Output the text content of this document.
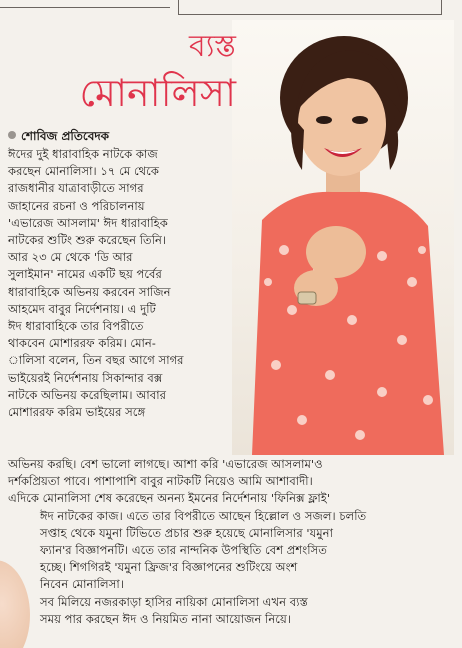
ব্যস্ত
মোনালিসা
শোবিজ প্রতিবেদক
ঈদের দুই ধারাবাহিক নাটকে কাজ
করছেন মোনালিসা। ১৭ মে থেকে
রাজধানীর যাত্রাবাড়ীতে সাগর
জাহানের রচনা ও পরিচালনায়
'এভারেজ আসলাম' ঈদ ধারাবাহিক
নাটকের শুটিং শুরু করেছেন তিনি।
আর ২৩ মে থেকে 'ডি আর
সুলাইমান' নামের একটি ছয় পর্বের
ধারাবাহিকে অভিনয় করবেন সাজিন
আহমেদ বাবুর নির্দেশনায়। এ দুটি
ঈদ ধারাবাহিকে তার বিপরীতে
থাকবেন মোশাররফ করিম। মোন-
ালিসা বলেন, তিন বছর আগে সাগর
ভাইয়েরই নির্দেশনায় সিকান্দার বক্স
নাটকে অভিনয় করেছিলাম। আবার
মোশাররফ করিম ভাইয়ের সঙ্গে
অভিনয় করছি। বেশ ভালো লাগছে। আশা করি 'এভারেজ আসলাম'ও
দর্শকপ্রিয়তা পাবে। পাশাপাশি বাবুর নাটকটি নিয়েও আমি আশাবাদী।
এদিকে মোনালিসা শেষ করেছেন অনন্য ইমনের নির্দেশনায় 'ফিনিক্স ফ্লাই'
ঈদ নাটকের কাজ। এতে তার বিপরীতে আছেন হিল্লোল ও সজল। চলতি
সপ্তাহ থেকে যমুনা টিভিতে প্রচার শুরু হয়েছে মোনালিসার 'যমুনা
ফ্যান'র বিজ্ঞাপনটি। এতে তার নান্দনিক উপস্থিতি বেশ প্রশংসিত
হচ্ছে। শিগগিরই 'যমুনা ফ্রিজ'র বিজ্ঞাপনের শুটিংয়ে অংশ
নিবেন মোনালিসা।
সব মিলিয়ে নজরকাড়া হাসির নায়িকা মোনালিসা এখন ব্যস্ত
সময় পার করছেন ঈদ ও নিয়মিত নানা আয়োজন নিয়ে।
